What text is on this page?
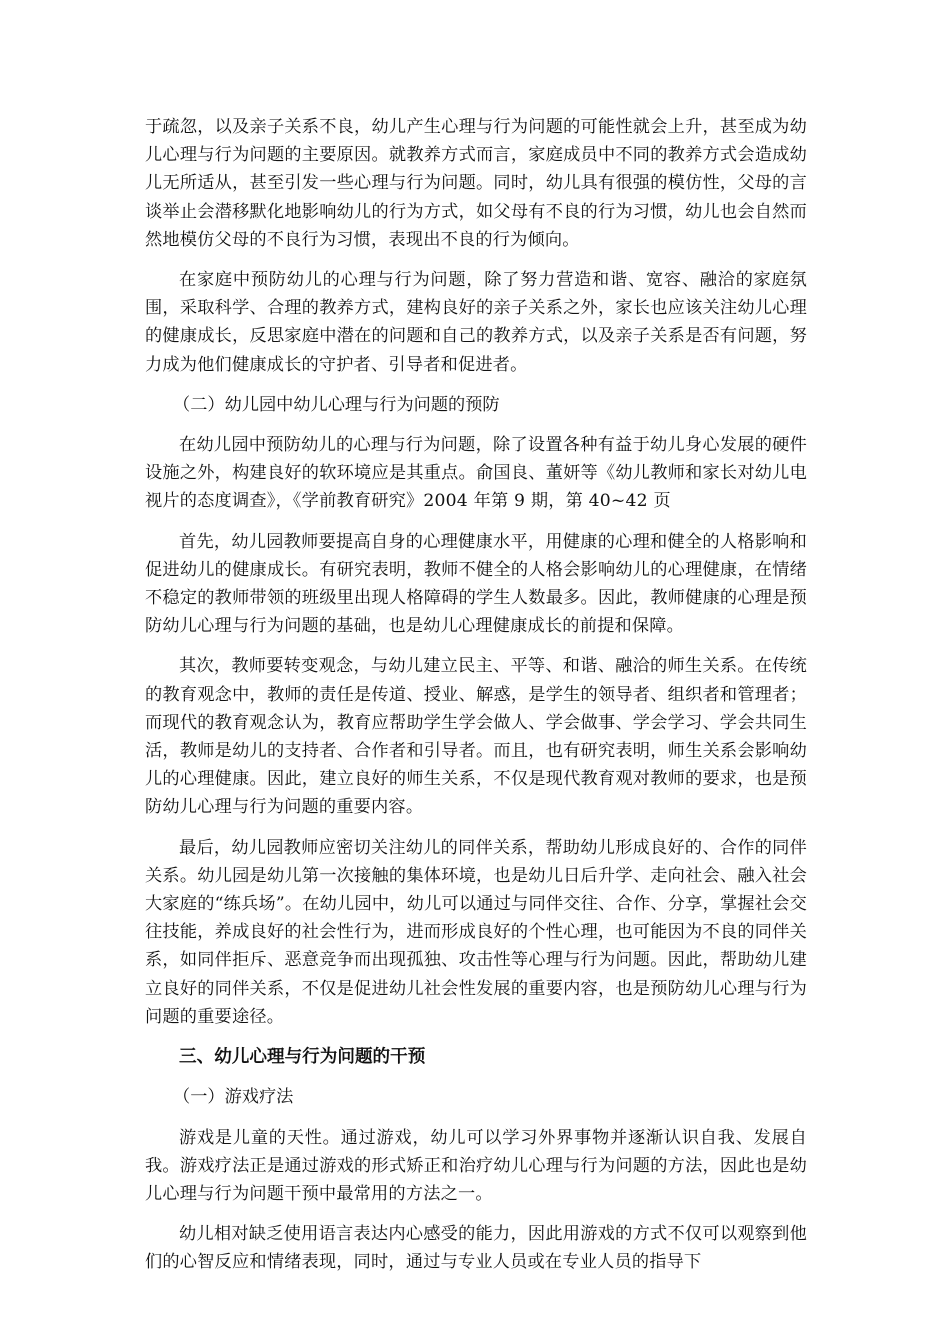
于疏忽，以及亲子关系不良，幼儿产生心理与行为问题的可能性就会上升，甚至成为幼儿心理与行为问题的主要原因。就教养方式而言，家庭成员中不同的教养方式会造成幼儿无所适从，甚至引发一些心理与行为问题。同时，幼儿具有很强的模仿性，父母的言谈举止会潜移默化地影响幼儿的行为方式，如父母有不良的行为习惯，幼儿也会自然而然地模仿父母的不良行为习惯，表现出不良的行为倾向。

在家庭中预防幼儿的心理与行为问题，除了努力营造和谐、宽容、融洽的家庭氛围，采取科学、合理的教养方式，建构良好的亲子关系之外，家长也应该关注幼儿心理的健康成长，反思家庭中潜在的问题和自己的教养方式，以及亲子关系是否有问题，努力成为他们健康成长的守护者、引导者和促进者。

（二）幼儿园中幼儿心理与行为问题的预防

在幼儿园中预防幼儿的心理与行为问题，除了设置各种有益于幼儿身心发展的硬件设施之外，构建良好的软环境应是其重点。俞国良、董妍等《幼儿教师和家长对幼儿电视片的态度调查》，《学前教育研究》2004 年第 9 期，第 40~42 页

首先，幼儿园教师要提高自身的心理健康水平，用健康的心理和健全的人格影响和促进幼儿的健康成长。有研究表明，教师不健全的人格会影响幼儿的心理健康，在情绪不稳定的教师带领的班级里出现人格障碍的学生人数最多。因此，教师健康的心理是预防幼儿心理与行为问题的基础，也是幼儿心理健康成长的前提和保障。

其次，教师要转变观念，与幼儿建立民主、平等、和谐、融洽的师生关系。在传统的教育观念中，教师的责任是传道、授业、解惑，是学生的领导者、组织者和管理者；而现代的教育观念认为，教育应帮助学生学会做人、学会做事、学会学习、学会共同生活，教师是幼儿的支持者、合作者和引导者。而且，也有研究表明，师生关系会影响幼儿的心理健康。因此，建立良好的师生关系，不仅是现代教育观对教师的要求，也是预防幼儿心理与行为问题的重要内容。

最后，幼儿园教师应密切关注幼儿的同伴关系，帮助幼儿形成良好的、合作的同伴关系。幼儿园是幼儿第一次接触的集体环境，也是幼儿日后升学、走向社会、融入社会大家庭的“练兵场”。在幼儿园中，幼儿可以通过与同伴交往、合作、分享，掌握社会交往技能，养成良好的社会性行为，进而形成良好的个性心理，也可能因为不良的同伴关系，如同伴拒斥、恶意竞争而出现孤独、攻击性等心理与行为问题。因此，帮助幼儿建立良好的同伴关系，不仅是促进幼儿社会性发展的重要内容，也是预防幼儿心理与行为问题的重要途径。

三、幼儿心理与行为问题的干预

（一）游戏疗法

游戏是儿童的天性。通过游戏，幼儿可以学习外界事物并逐渐认识自我、发展自我。游戏疗法正是通过游戏的形式矫正和治疗幼儿心理与行为问题的方法，因此也是幼儿心理与行为问题干预中最常用的方法之一。

幼儿相对缺乏使用语言表达内心感受的能力，因此用游戏的方式不仅可以观察到他们的心智反应和情绪表现，同时，通过与专业人员或在专业人员的指导下
